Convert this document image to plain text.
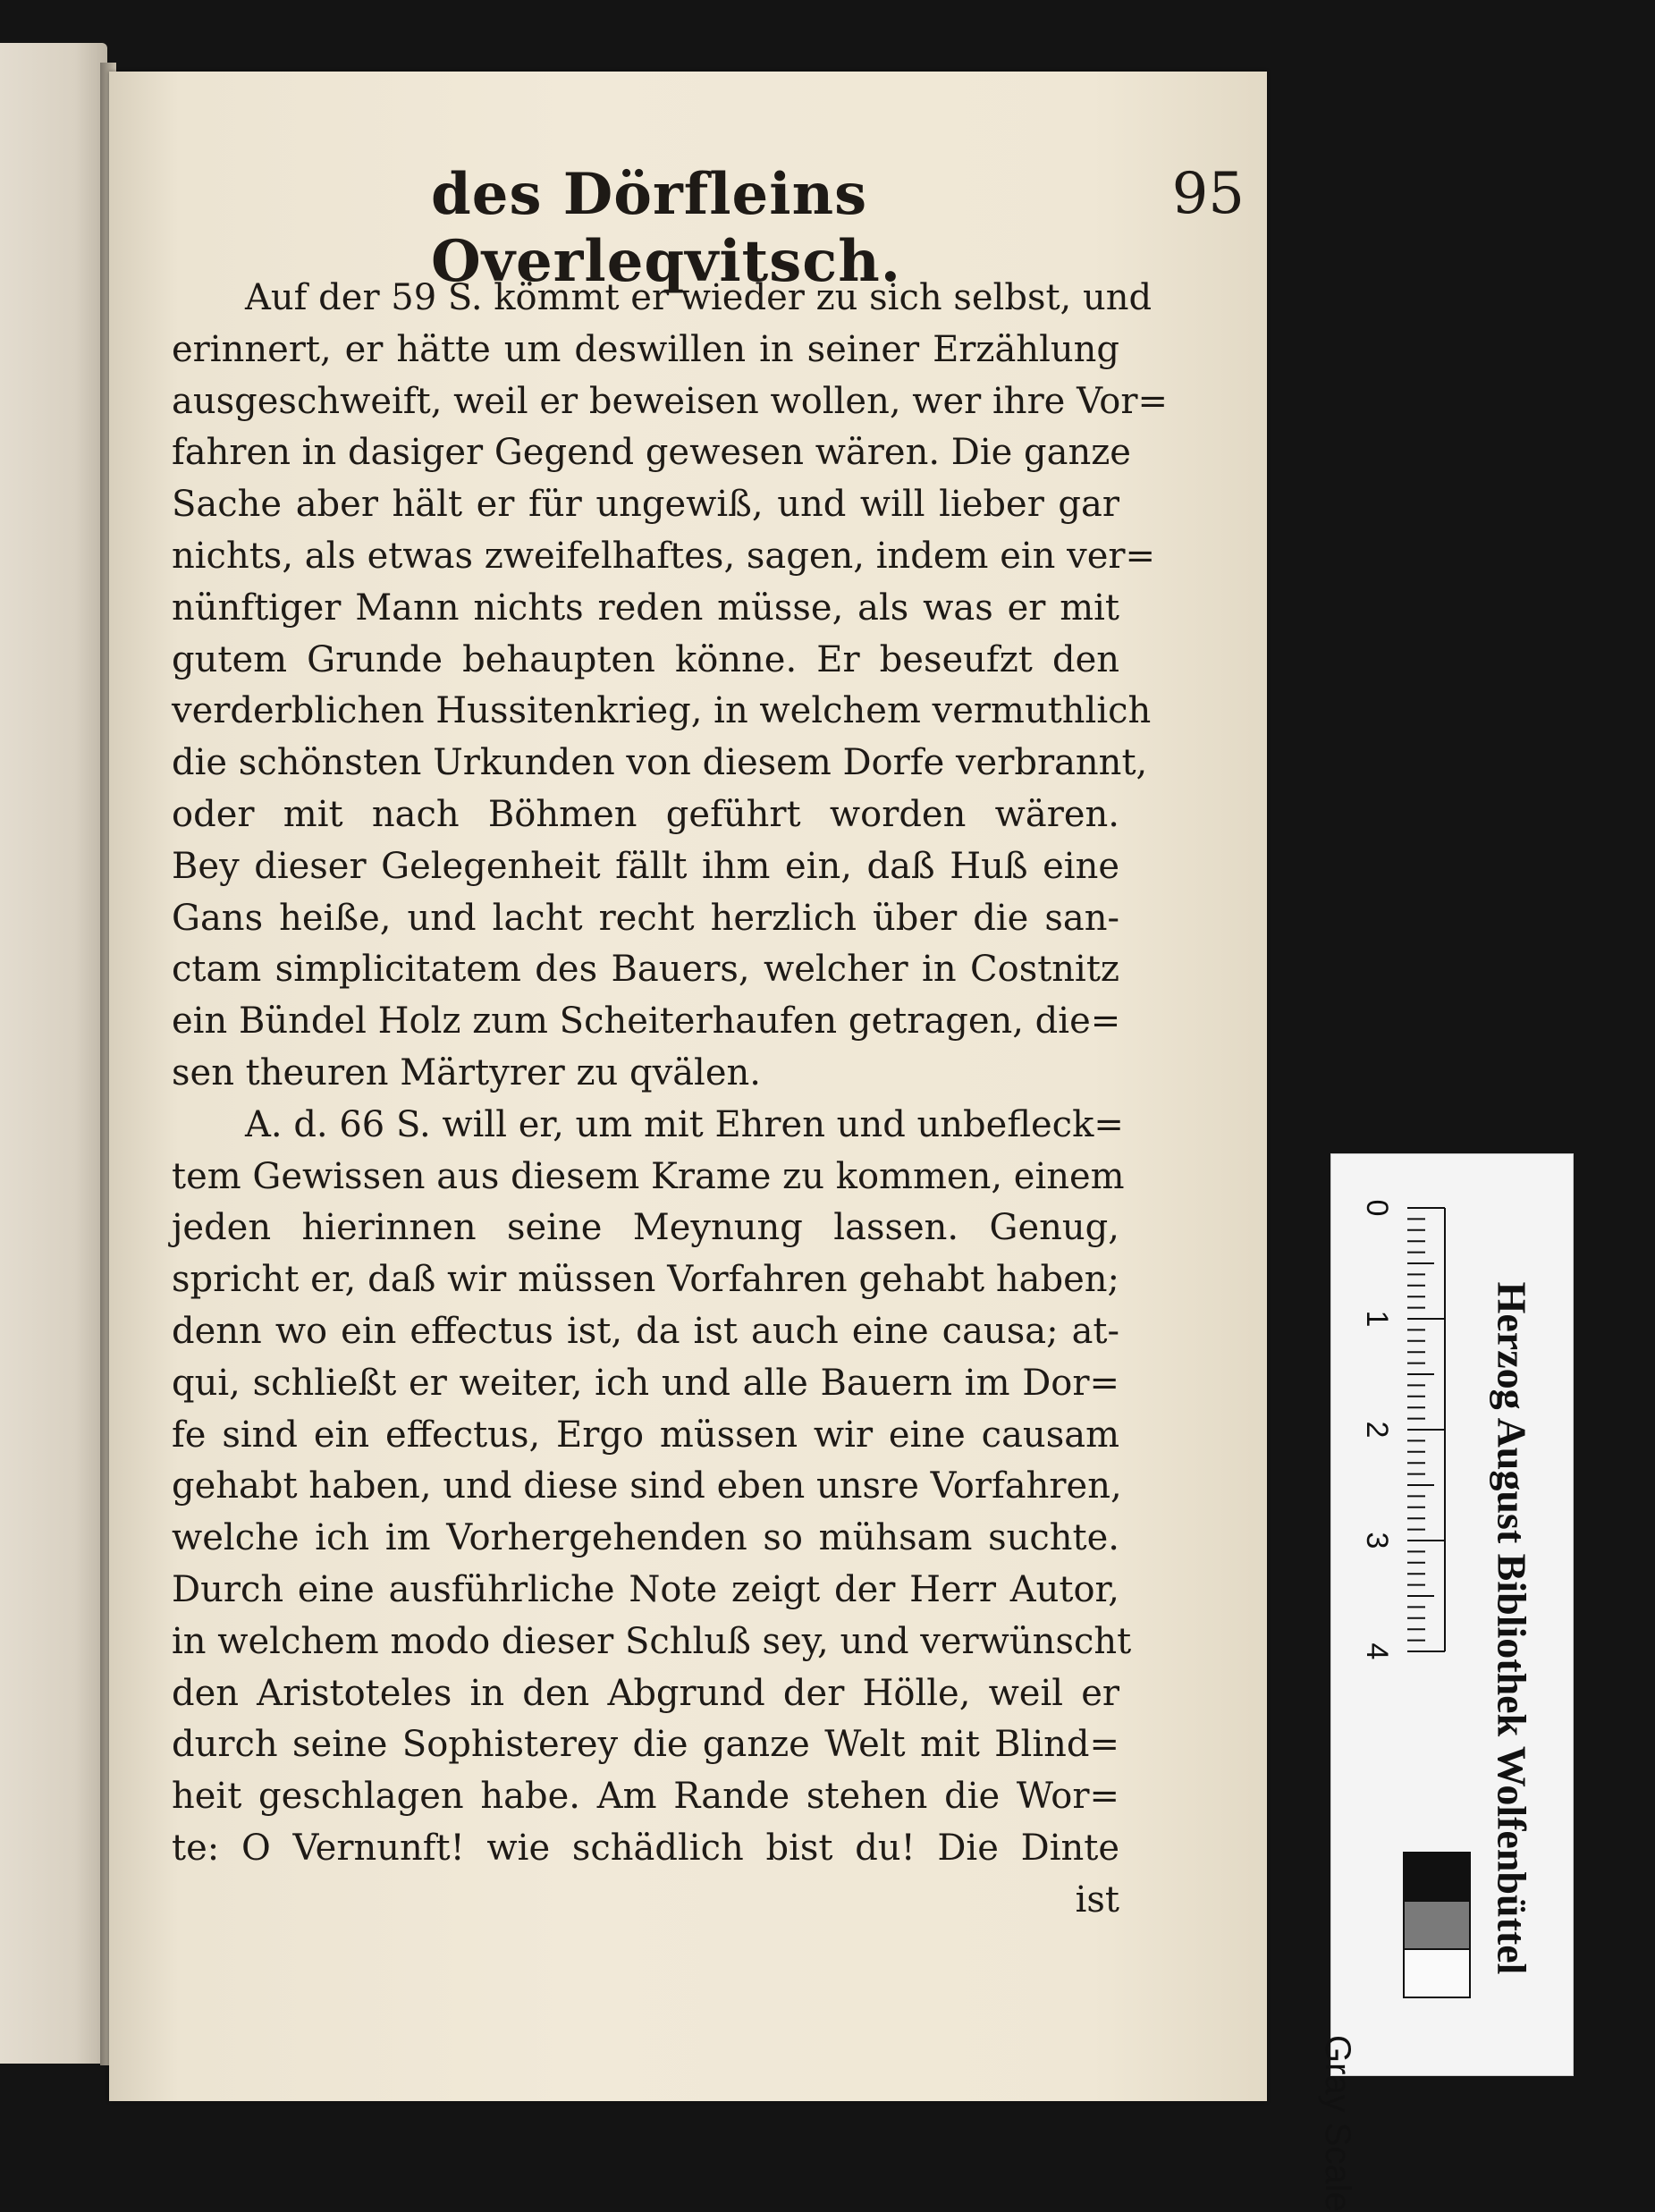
des Dörfleins Overleqvitsch.
95
Auf der 59 S. kömmt er wieder zu sich selbst, und
erinnert, er hätte um deswillen in seiner Erzählung
ausgeschweift, weil er beweisen wollen, wer ihre Vor=
fahren in dasiger Gegend gewesen wären. Die ganze
Sache aber hält er für ungewiß, und will lieber gar
nichts, als etwas zweifelhaftes, sagen, indem ein ver=
nünftiger Mann nichts reden müsse, als was er mit
gutem Grunde behaupten könne. Er beseufzt den
verderblichen Hussitenkrieg, in welchem vermuthlich
die schönsten Urkunden von diesem Dorfe verbrannt,
oder mit nach Böhmen geführt worden wären.
Bey dieser Gelegenheit fällt ihm ein, daß Huß eine
Gans heiße, und lacht recht herzlich über die san-
ctam simplicitatem des Bauers, welcher in Costnitz
ein Bündel Holz zum Scheiterhaufen getragen, die=
sen theuren Märtyrer zu qvälen.
A. d. 66 S. will er, um mit Ehren und unbefleck=
tem Gewissen aus diesem Krame zu kommen, einem
jeden hierinnen seine Meynung lassen. Genug,
spricht er, daß wir müssen Vorfahren gehabt haben;
denn wo ein effectus ist, da ist auch eine causa; at-
qui, schließt er weiter, ich und alle Bauern im Dor=
fe sind ein effectus, Ergo müssen wir eine causam
gehabt haben, und diese sind eben unsre Vorfahren,
welche ich im Vorhergehenden so mühsam suchte.
Durch eine ausführliche Note zeigt der Herr Autor,
in welchem modo dieser Schluß sey, und verwünscht
den Aristoteles in den Abgrund der Hölle, weil er
durch seine Sophisterey die ganze Welt mit Blind=
heit geschlagen habe. Am Rande stehen die Wor=
te: O Vernunft! wie schädlich bist du! Die Dinte
ist
0
1
2
3
4 Herzog August Bibliothek Wolfenbüttel
Gray Scale
